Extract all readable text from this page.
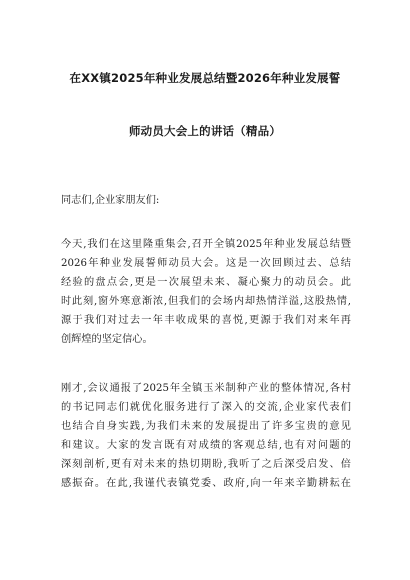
在XX镇2025年种业发展总结暨2026年种业发展誓
师动员大会上的讲话（精品）
同志们,企业家朋友们:
今天,我们在这里隆重集会,召开全镇2025年种业发展总结暨
2026年种业发展誓师动员大会。这是一次回顾过去、总结
经验的盘点会,更是一次展望未来、凝心聚力的动员会。此
时此刻,窗外寒意渐浓,但我们的会场内却热情洋溢,这股热情,
源于我们对过去一年丰收成果的喜悦,更源于我们对来年再
创辉煌的坚定信心。
刚才,会议通报了2025年全镇玉米制种产业的整体情况,各村
的书记同志们就优化服务进行了深入的交流,企业家代表们
也结合自身实践,为我们未来的发展提出了许多宝贵的意见
和建议。大家的发言既有对成绩的客观总结,也有对问题的
深刻剖析,更有对未来的热切期盼,我听了之后深受启发、倍
感振奋。在此,我谨代表镇党委、政府,向一年来辛勤耕耘在
